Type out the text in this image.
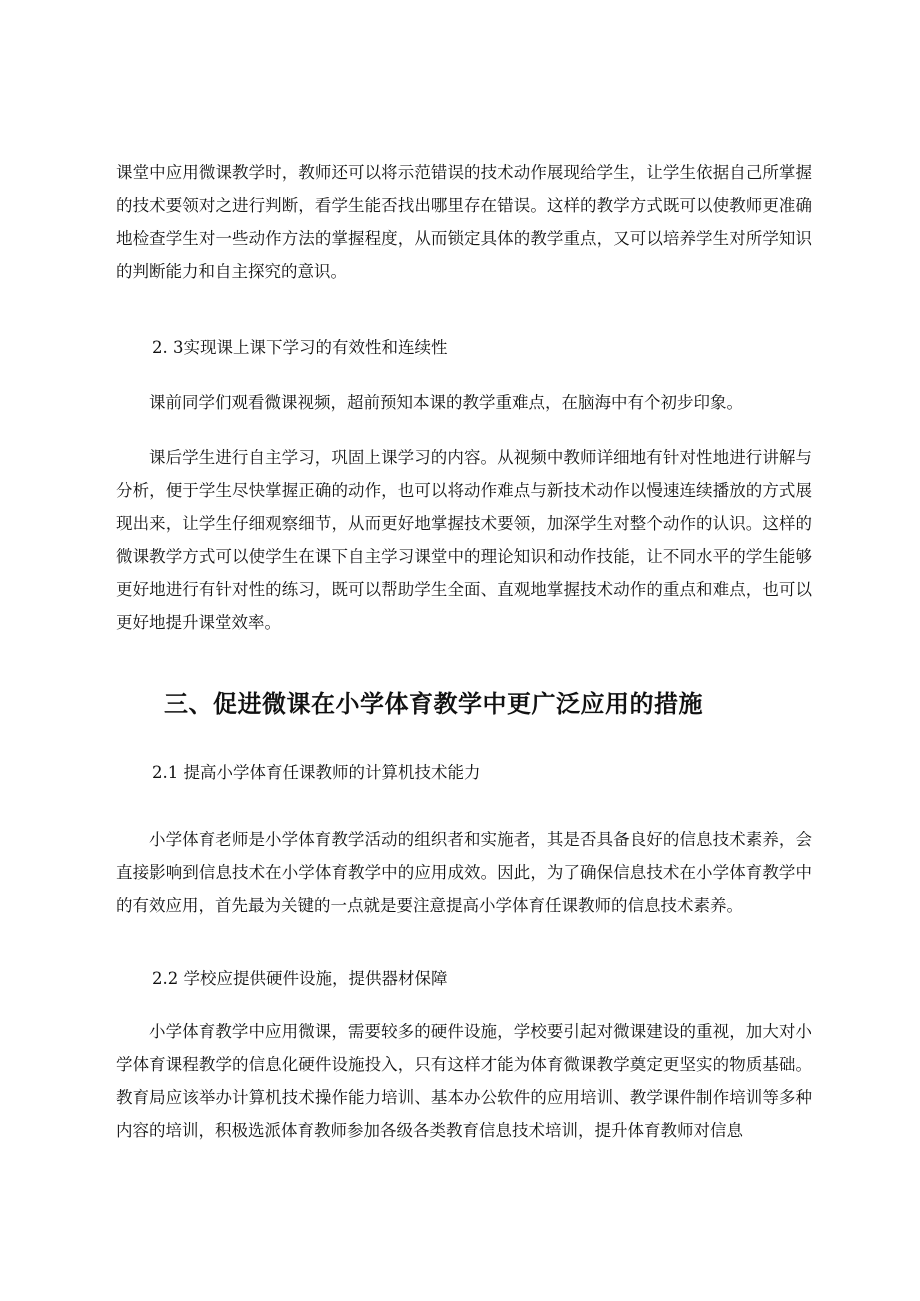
课堂中应用微课教学时，教师还可以将示范错误的技术动作展现给学生，让学生依据自己所掌握的技术要领对之进行判断，看学生能否找出哪里存在错误。这样的教学方式既可以使教师更准确地检查学生对一些动作方法的掌握程度，从而锁定具体的教学重点，又可以培养学生对所学知识的判断能力和自主探究的意识。

2. 3实现课上课下学习的有效性和连续性

课前同学们观看微课视频，超前预知本课的教学重难点，在脑海中有个初步印象。

课后学生进行自主学习，巩固上课学习的内容。从视频中教师详细地有针对性地进行讲解与分析，便于学生尽快掌握正确的动作，也可以将动作难点与新技术动作以慢速连续播放的方式展现出来，让学生仔细观察细节，从而更好地掌握技术要领，加深学生对整个动作的认识。这样的微课教学方式可以使学生在课下自主学习课堂中的理论知识和动作技能，让不同水平的学生能够更好地进行有针对性的练习，既可以帮助学生全面、直观地掌握技术动作的重点和难点，也可以更好地提升课堂效率。

三、促进微课在小学体育教学中更广泛应用的措施

2.1 提高小学体育任课教师的计算机技术能力

小学体育老师是小学体育教学活动的组织者和实施者，其是否具备良好的信息技术素养，会直接影响到信息技术在小学体育教学中的应用成效。因此，为了确保信息技术在小学体育教学中的有效应用，首先最为关键的一点就是要注意提高小学体育任课教师的信息技术素养。

2.2 学校应提供硬件设施，提供器材保障

小学体育教学中应用微课，需要较多的硬件设施，学校要引起对微课建设的重视，加大对小学体育课程教学的信息化硬件设施投入，只有这样才能为体育微课教学奠定更坚实的物质基础。教育局应该举办计算机技术操作能力培训、基本办公软件的应用培训、教学课件制作培训等多种内容的培训，积极选派体育教师参加各级各类教育信息技术培训，提升体育教师对信息
